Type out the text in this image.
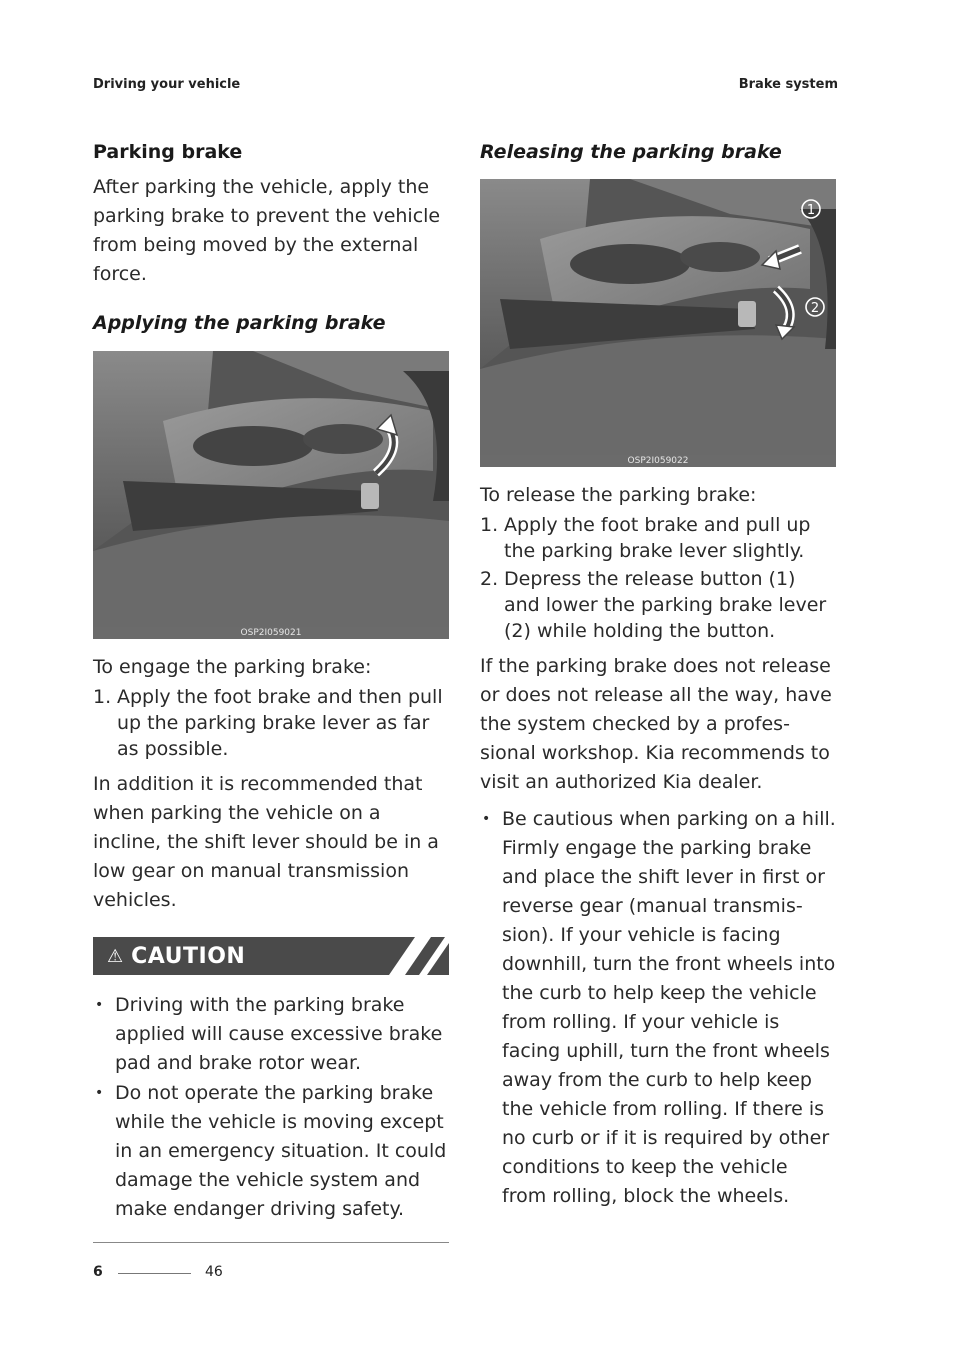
Driving your vehicle	Brake system
Parking brake

After parking the vehicle, apply the parking brake to prevent the vehicle from being moved by the external force.

Applying the parking brake
OSP2I059021

To engage the parking brake:

1. Apply the foot brake and then pull up the parking brake lever as far as possible.

In addition it is recommended that when parking the vehicle on a incline, the shift lever should be in a low gear on manual transmission vehicles.

⚠ CAUTION
• Driving with the parking brake applied will cause excessive brake pad and brake rotor wear.
• Do not operate the parking brake while the vehicle is moving except in an emergency situation. It could damage the vehicle system and make endanger driving safety.
Releasing the parking brake
1
2
OSP2I059022

To release the parking brake:

1. Apply the foot brake and pull up the parking brake lever slightly.
2. Depress the release button (1) and lower the parking brake lever (2) while holding the button.

If the parking brake does not release or does not release all the way, have the system checked by a profes-sional workshop. Kia recommends to visit an authorized Kia dealer.

• Be cautious when parking on a hill. Firmly engage the parking brake and place the shift lever in first or reverse gear (manual transmis-sion). If your vehicle is facing downhill, turn the front wheels into the curb to help keep the vehicle from rolling. If your vehicle is facing uphill, turn the front wheels away from the curb to help keep the vehicle from rolling. If there is no curb or if it is required by other conditions to keep the vehicle from rolling, block the wheels.
6	46
